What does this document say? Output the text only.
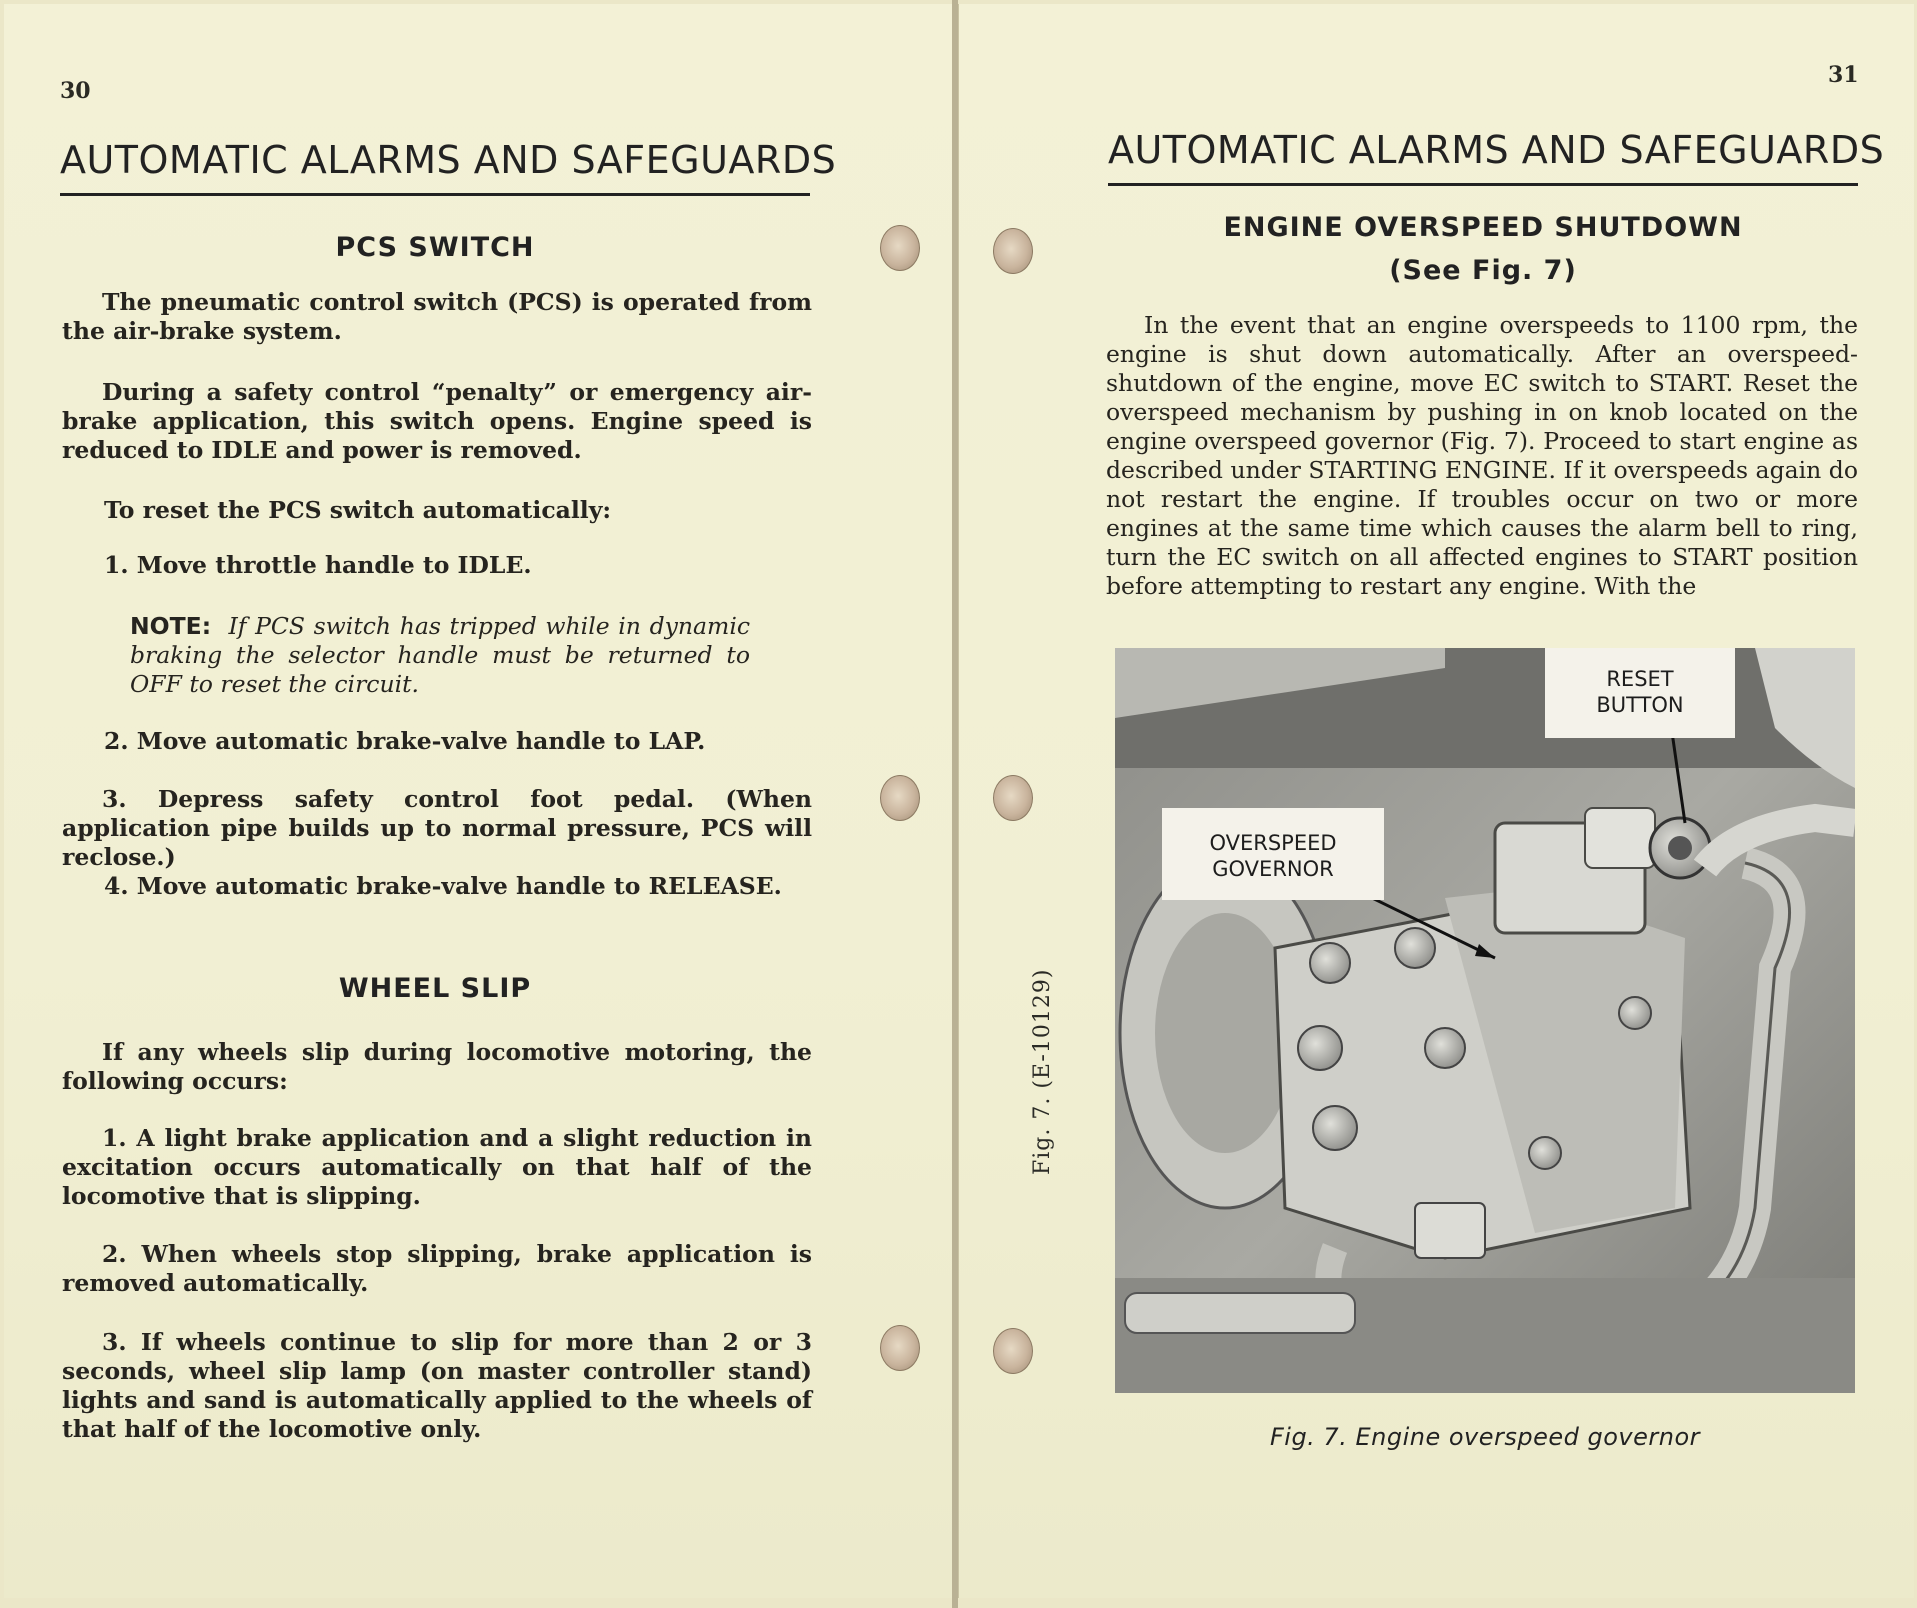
30
AUTOMATIC ALARMS AND SAFEGUARDS
PCS SWITCH
The pneumatic control switch (PCS) is operated from the air-brake system.
During a safety control “penalty” or emergency air-brake application, this switch opens. Engine speed is reduced to IDLE and power is removed.
To reset the PCS switch automatically:
1. Move throttle handle to IDLE.
NOTE: If PCS switch has tripped while in dynamic braking the selector handle must be returned to OFF to reset the circuit.
2. Move automatic brake-valve handle to LAP.
3. Depress safety control foot pedal. (When application pipe builds up to normal pressure, PCS will reclose.)
4. Move automatic brake-valve handle to RELEASE.
WHEEL SLIP
If any wheels slip during locomotive motoring, the following occurs:
1. A light brake application and a slight reduction in excitation occurs automatically on that half of the locomotive that is slipping.
2. When wheels stop slipping, brake application is removed automatically.
3. If wheels continue to slip for more than 2 or 3 seconds, wheel slip lamp (on master controller stand) lights and sand is automatically applied to the wheels of that half of the locomotive only.
31
AUTOMATIC ALARMS AND SAFEGUARDS
ENGINE OVERSPEED SHUTDOWN
(See Fig. 7)
In the event that an engine overspeeds to 1100 rpm, the engine is shut down automatically. After an overspeed-shutdown of the engine, move EC switch to START. Reset the overspeed mechanism by pushing in on knob located on the engine overspeed governor (Fig. 7). Proceed to start engine as described under STARTING ENGINE. If it overspeeds again do not restart the engine. If troubles occur on two or more engines at the same time which causes the alarm bell to ring, turn the EC switch on all affected engines to START position before attempting to restart any engine. With the
Fig. 7. (E-10129)
RESET
BUTTON
OVERSPEED
GOVERNOR
Fig. 7. Engine overspeed governor
